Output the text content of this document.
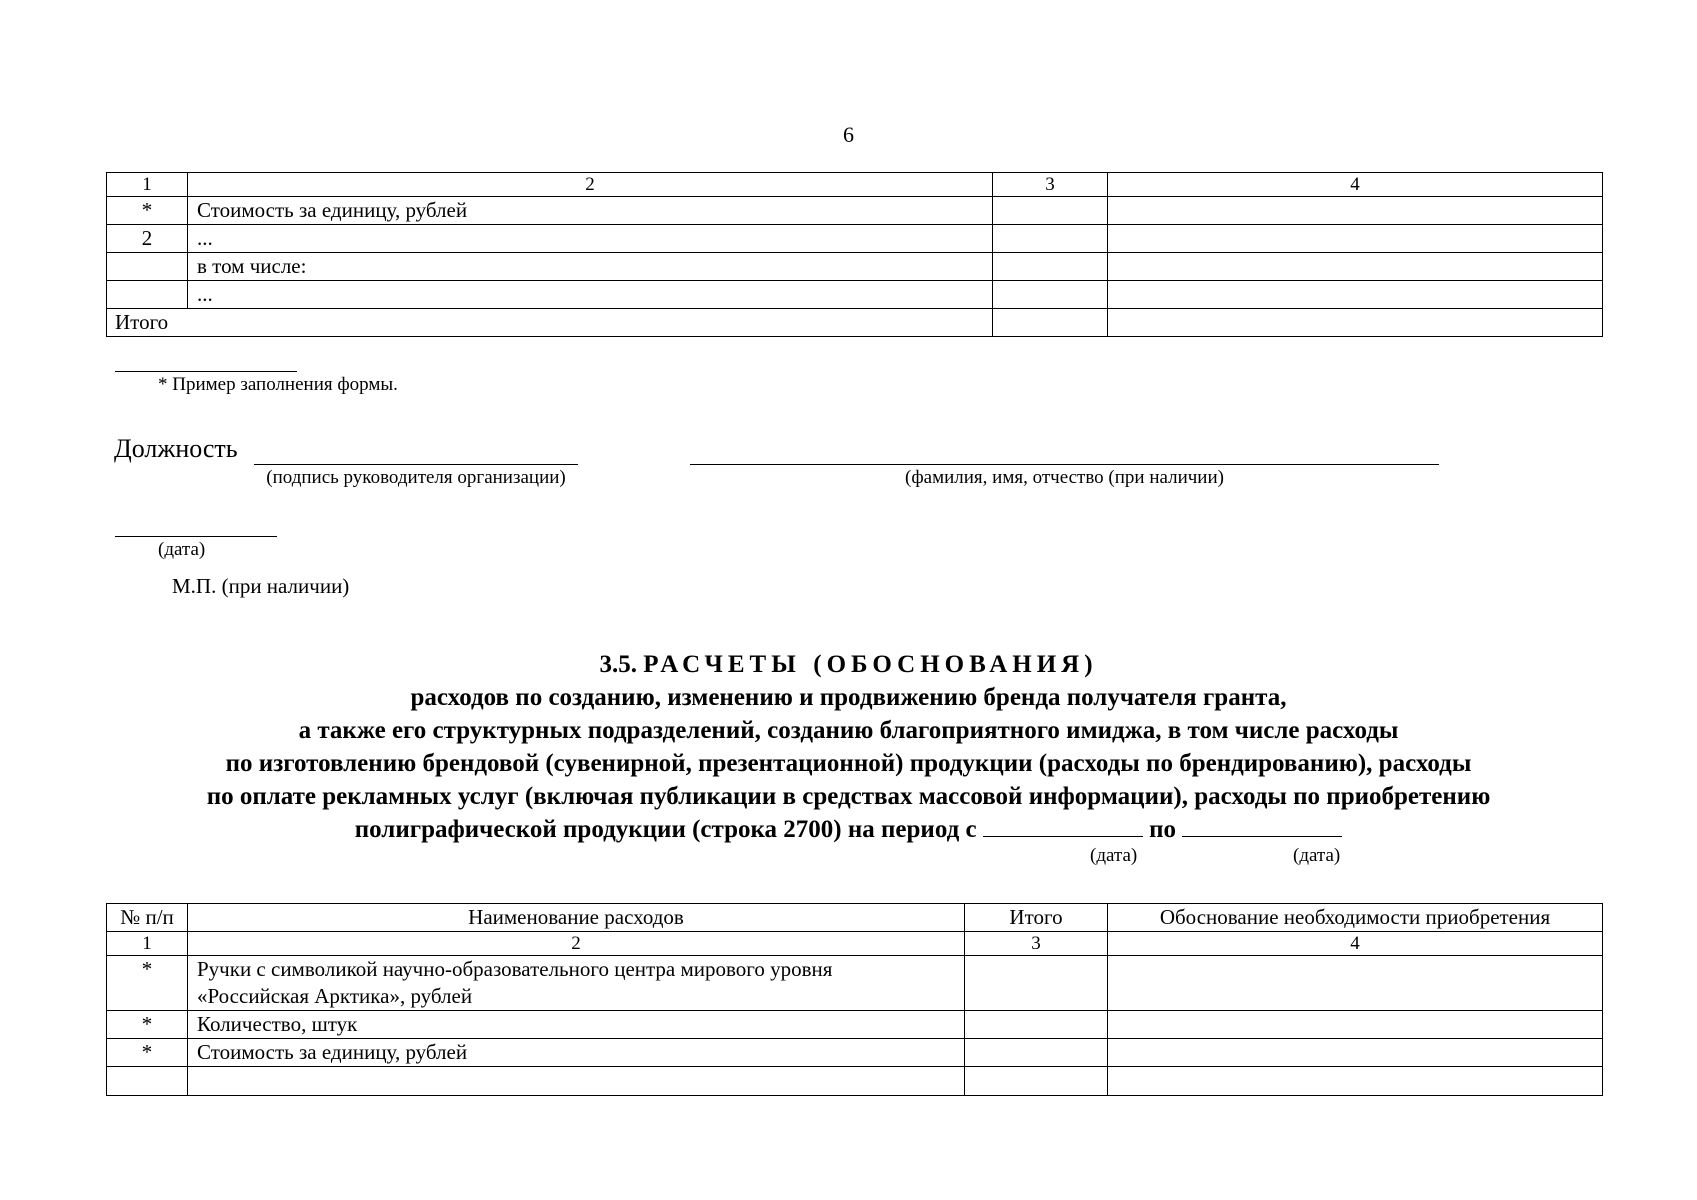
6
1	2	3	4
*	Стоимость за единицу, рублей		
2	...		
	в том числе:		
	...		
Итого			
* Пример заполнения формы.
Должность
(подпись руководителя организации)	(фамилия, имя, отчество (при наличии)
(дата)
М.П. (при наличии)
3.5. РАСЧЕТЫ (ОБОСНОВАНИЯ)
расходов по созданию, изменению и продвижению бренда получателя гранта,
а также его структурных подразделений, созданию благоприятного имиджа, в том числе расходы
по изготовлению брендовой (сувенирной, презентационной) продукции (расходы по брендированию), расходы
по оплате рекламных услуг (включая публикации в средствах массовой информации), расходы по приобретению
полиграфической продукции (строка 2700) на период с	по
(дата)	(дата)
№ п/п	Наименование расходов	Итого	Обоснование необходимости приобретения
1	2	3	4
*	Ручки с символикой научно-образовательного центра мирового уровня
«Российская Арктика», рублей		

*	Количество, штук		
*	Стоимость за единицу, рублей		
